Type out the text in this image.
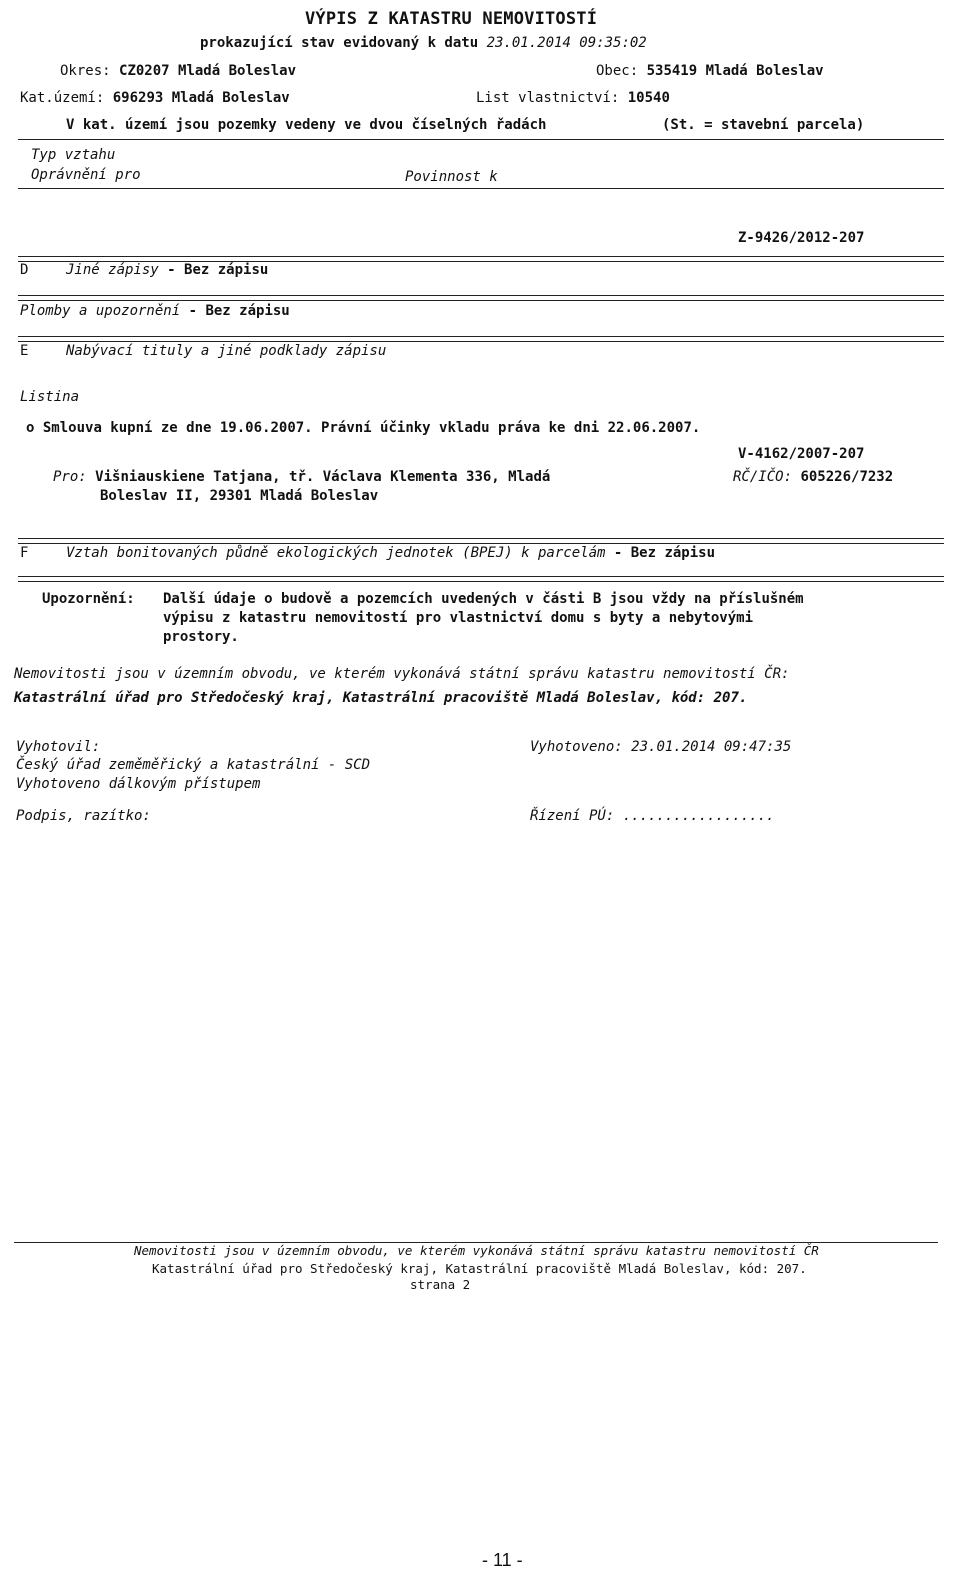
VÝPIS Z KATASTRU NEMOVITOSTÍ
prokazující stav evidovaný k datu 23.01.2014 09:35:02
Okres: CZ0207 Mladá Boleslav	Obec: 535419 Mladá Boleslav
Kat.území: 696293 Mladá Boleslav	List vlastnictví: 10540
V kat. území jsou pozemky vedeny ve dvou číselných řadách	(St. = stavební parcela)
Typ vztahu
Oprávnění pro	Povinnost k
Z-9426/2012-207
D	Jiné zápisy - Bez zápisu
Plomby a upozornění - Bez zápisu
E	Nabývací tituly a jiné podklady zápisu
Listina
o Smlouva kupní ze dne 19.06.2007. Právní účinky vkladu práva ke dni 22.06.2007.
V-4162/2007-207
Pro: Višniauskiene Tatjana, tř. Václava Klementa 336, Mladá
Boleslav II, 29301 Mladá Boleslav
RČ/IČO: 605226/7232
F	Vztah bonitovaných půdně ekologických jednotek (BPEJ) k parcelám - Bez zápisu
Upozornění: Další údaje o budově a pozemcích uvedených v části B jsou vždy na příslušném
výpisu z katastru nemovitostí pro vlastnictví domu s byty a nebytovými
prostory.
Nemovitosti jsou v územním obvodu, ve kterém vykonává státní správu katastru nemovitostí ČR:
Katastrální úřad pro Středočeský kraj, Katastrální pracoviště Mladá Boleslav, kód: 207.
Vyhotovil:
Český úřad zeměměřický a katastrální - SCD
Vyhotoveno dálkovým přístupem
Vyhotoveno: 23.01.2014 09:47:35
Podpis, razítko:	Řízení PÚ: ..................
Nemovitosti jsou v územním obvodu, ve kterém vykonává státní správu katastru nemovitostí ČR
Katastrální úřad pro Středočeský kraj, Katastrální pracoviště Mladá Boleslav, kód: 207.
strana 2
- 11 -
